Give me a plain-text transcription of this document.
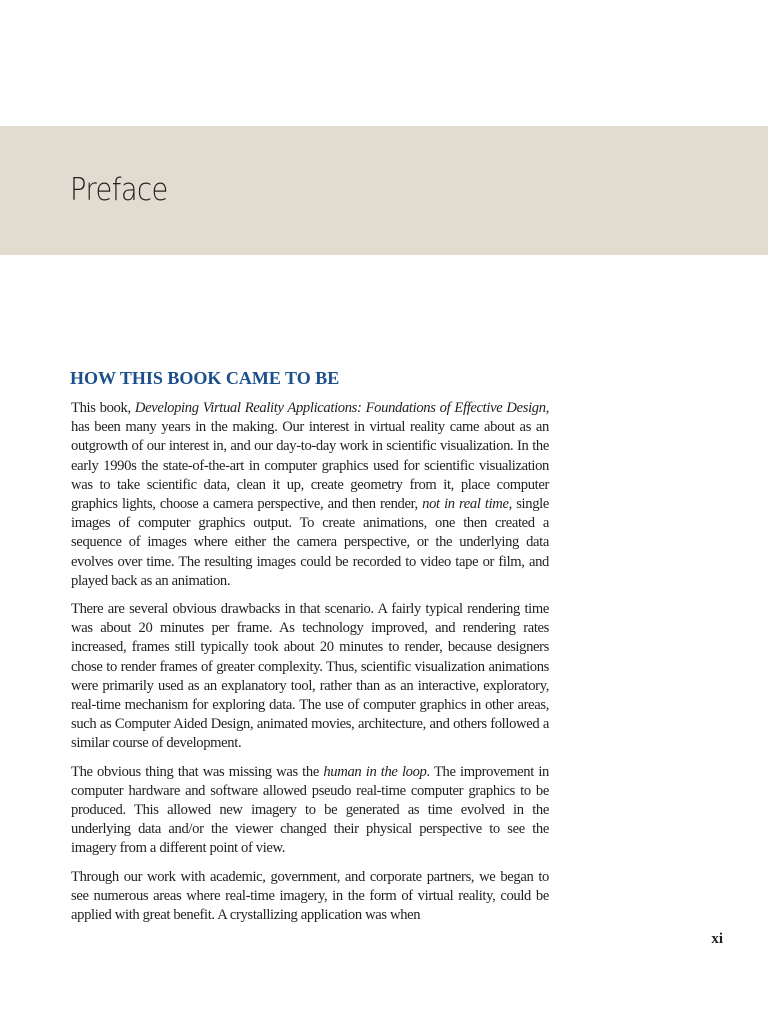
Preface
HOW THIS BOOK CAME TO BE

This book, Developing Virtual Reality Applications: Foundations of Effective Design, has been many years in the making. Our interest in virtual reality came about as an outgrowth of our interest in, and our day-to-day work in scientific visualization. In the early 1990s the state-of-the-art in computer graphics used for scientific visualization was to take scientific data, clean it up, create geometry from it, place computer graphics lights, choose a camera perspective, and then render, not in real time, single images of computer graphics output. To create animations, one then created a sequence of images where either the camera perspective, or the underlying data evolves over time. The resulting images could be recorded to video tape or film, and played back as an animation.

There are several obvious drawbacks in that scenario. A fairly typical rendering time was about 20 minutes per frame. As technology improved, and rendering rates increased, frames still typically took about 20 minutes to render, because designers chose to render frames of greater complexity. Thus, scientific visualization animations were primarily used as an explanatory tool, rather than as an interactive, exploratory, real-time mechanism for exploring data. The use of computer graphics in other areas, such as Computer Aided Design, animated movies, architecture, and others followed a similar course of development.

The obvious thing that was missing was the human in the loop. The improvement in computer hardware and software allowed pseudo real-time computer graphics to be produced. This allowed new imagery to be generated as time evolved in the underlying data and/or the viewer changed their physical perspective to see the imagery from a different point of view.

Through our work with academic, government, and corporate partners, we began to see numerous areas where real-time imagery, in the form of virtual reality, could be applied with great benefit. A crystallizing application was when

xi
